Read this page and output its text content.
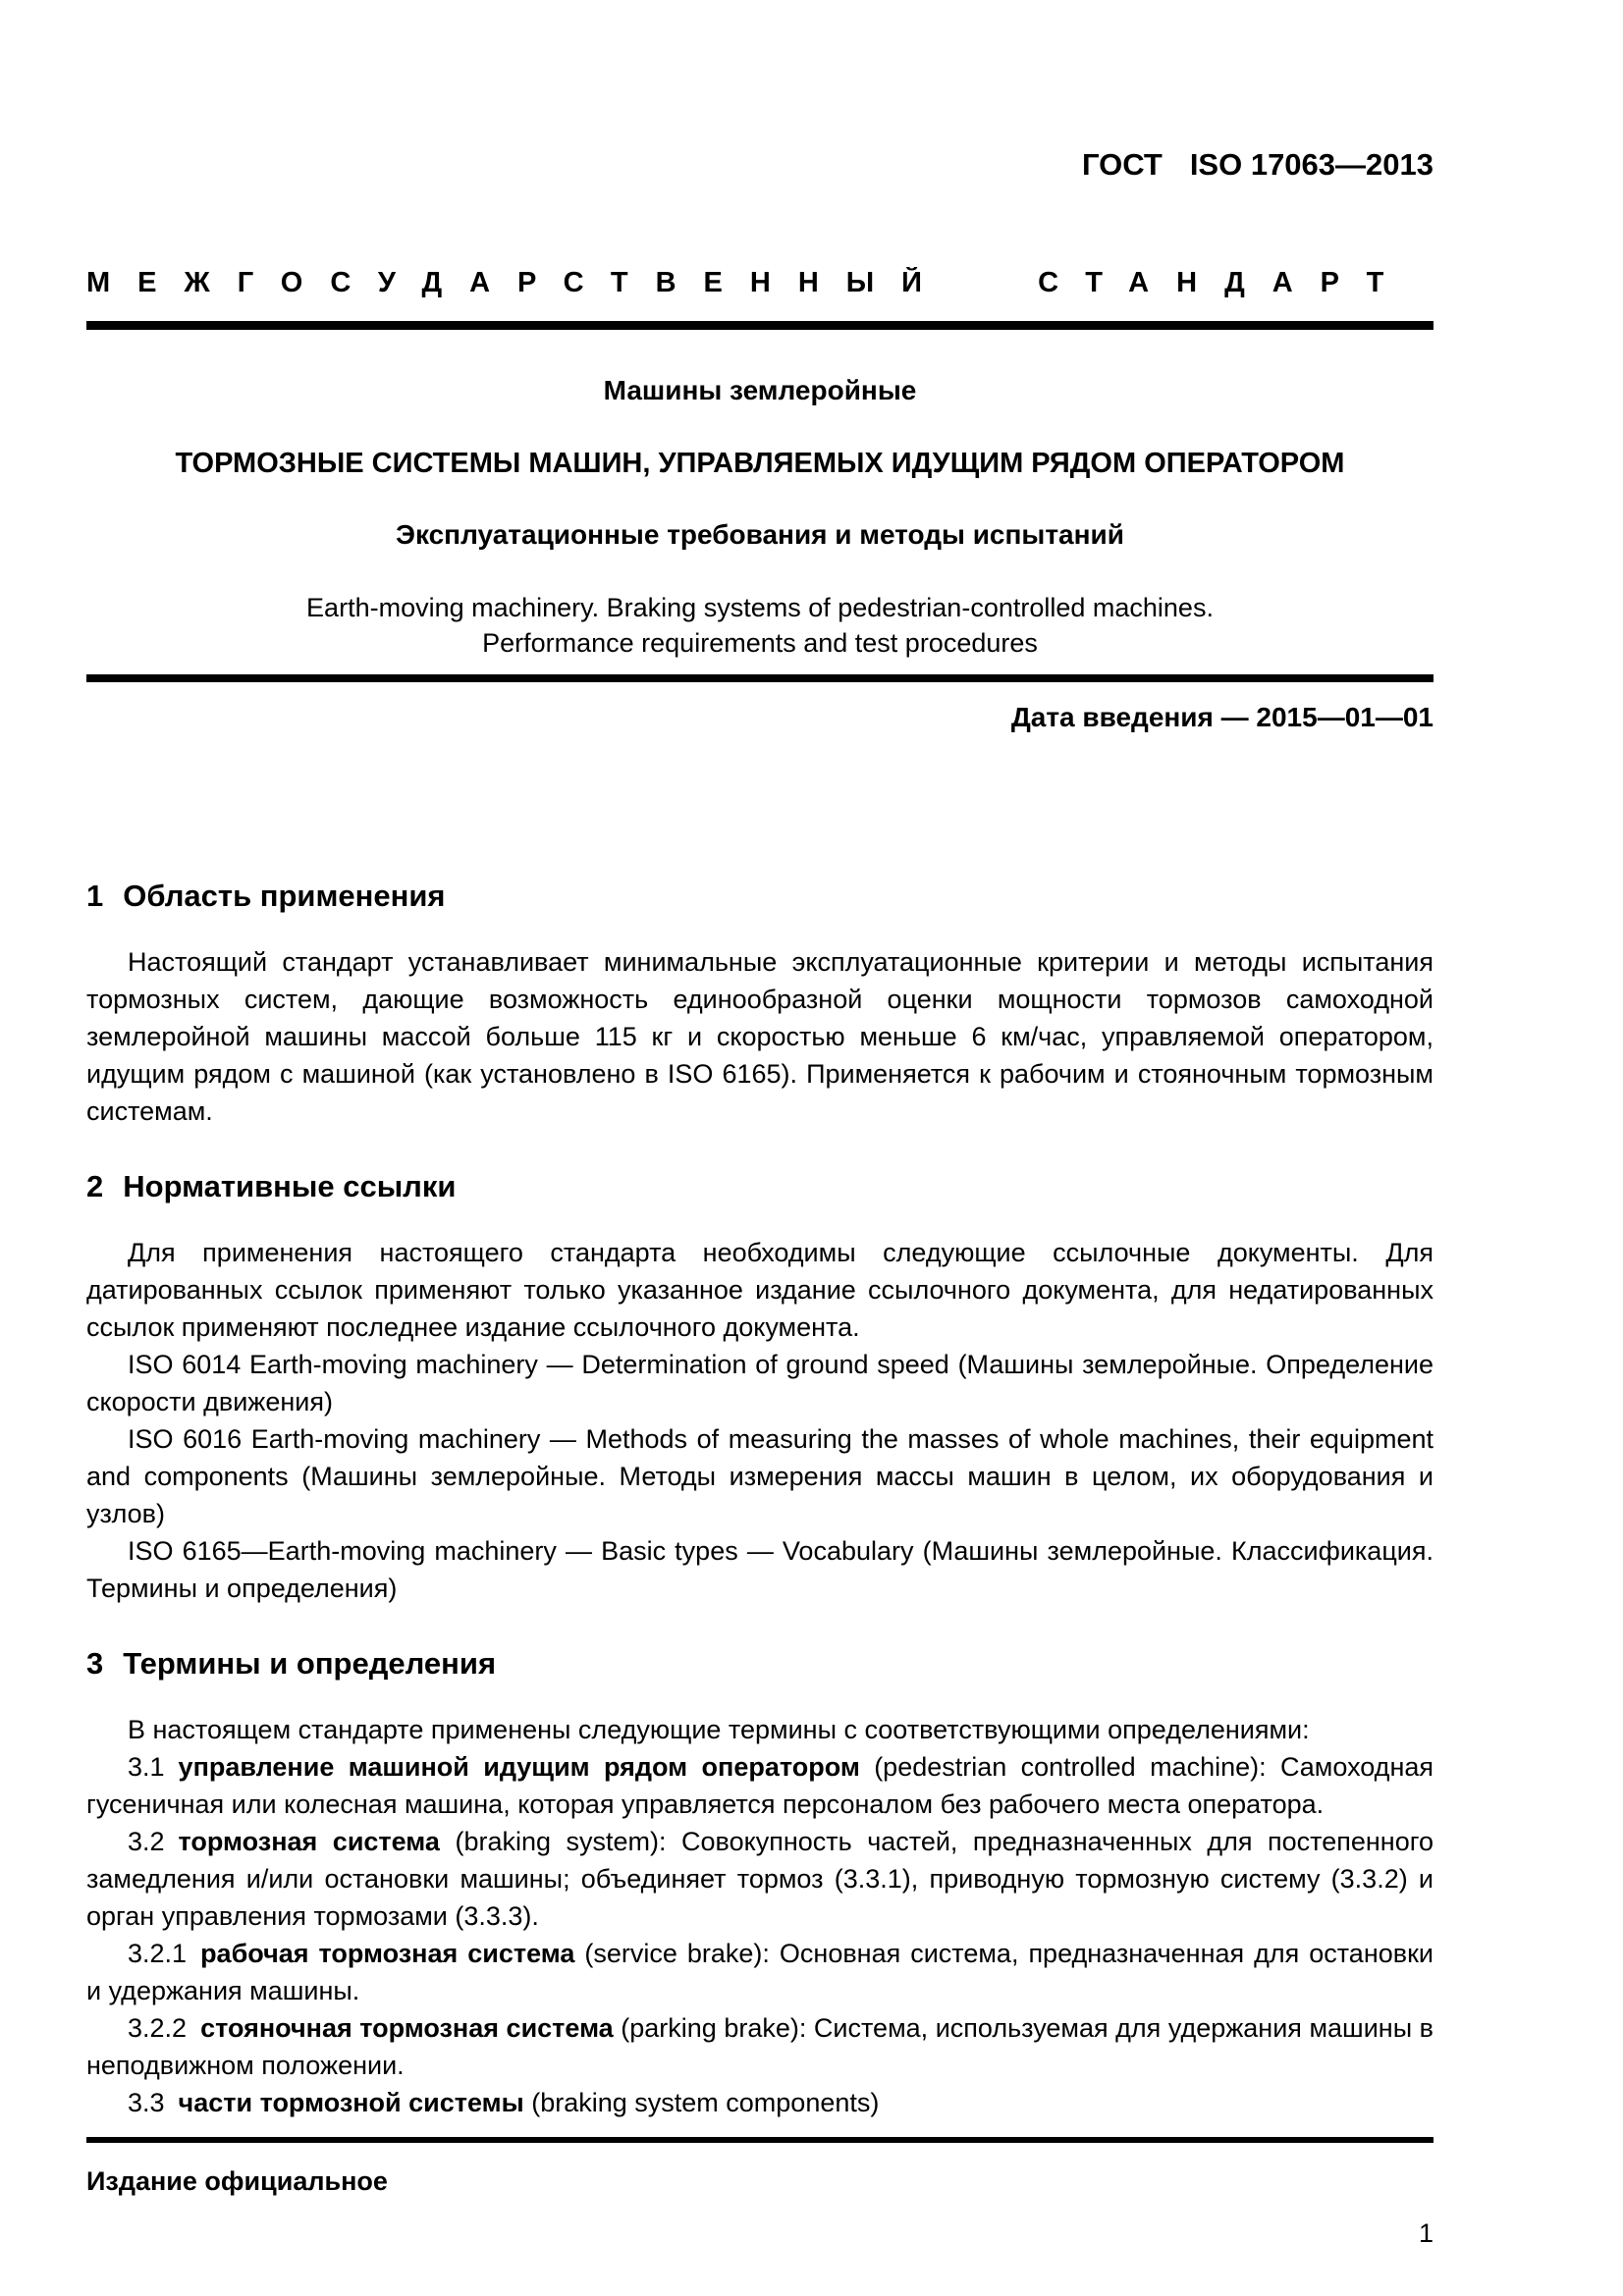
ГОСТ ISO 17063—2013
МЕЖГОСУДАРСТВЕННЫЙ СТАНДАРТ
Машины землеройные
ТОРМОЗНЫЕ СИСТЕМЫ МАШИН, УПРАВЛЯЕМЫХ ИДУЩИМ РЯДОМ ОПЕРАТОРОМ
Эксплуатационные требования и методы испытаний
Earth-moving machinery. Braking systems of pedestrian-controlled machines.
Performance requirements and test procedures
Дата введения — 2015—01—01
1 Область применения

Настоящий стандарт устанавливает минимальные эксплуатационные критерии и методы испытания тормозных систем, дающие возможность единообразной оценки мощности тормозов самоходной землеройной машины массой больше 115 кг и скоростью меньше 6 км/час, управляемой оператором, идущим рядом с машиной (как установлено в ISO 6165). Применяется к рабочим и стояночным тормозным системам.

2 Нормативные ссылки

Для применения настоящего стандарта необходимы следующие ссылочные документы. Для датированных ссылок применяют только указанное издание ссылочного документа, для недатированных ссылок применяют последнее издание ссылочного документа.

ISO 6014 Earth-moving machinery — Determination of ground speed (Машины землеройные. Определение скорости движения)

ISO 6016 Earth-moving machinery — Methods of measuring the masses of whole machines, their equipment and components (Машины землеройные. Методы измерения массы машин в целом, их оборудования и узлов)

ISO 6165—Earth-moving machinery — Basic types — Vocabulary (Машины землеройные. Классификация. Термины и определения)

3 Термины и определения

В настоящем стандарте применены следующие термины с соответствующими определениями:

3.1 управление машиной идущим рядом оператором (pedestrian controlled machine): Самоходная гусеничная или колесная машина, которая управляется персоналом без рабочего места оператора.

3.2 тормозная система (braking system): Совокупность частей, предназначенных для постепенного замедления и/или остановки машины; объединяет тормоз (3.3.1), приводную тормозную систему (3.3.2) и орган управления тормозами (3.3.3).

3.2.1 рабочая тормозная система (service brake): Основная система, предназначенная для остановки и удержания машины.

3.2.2 стояночная тормозная система (parking brake): Система, используемая для удержания машины в неподвижном положении.

3.3 части тормозной системы (braking system components)

Издание официальное
1
